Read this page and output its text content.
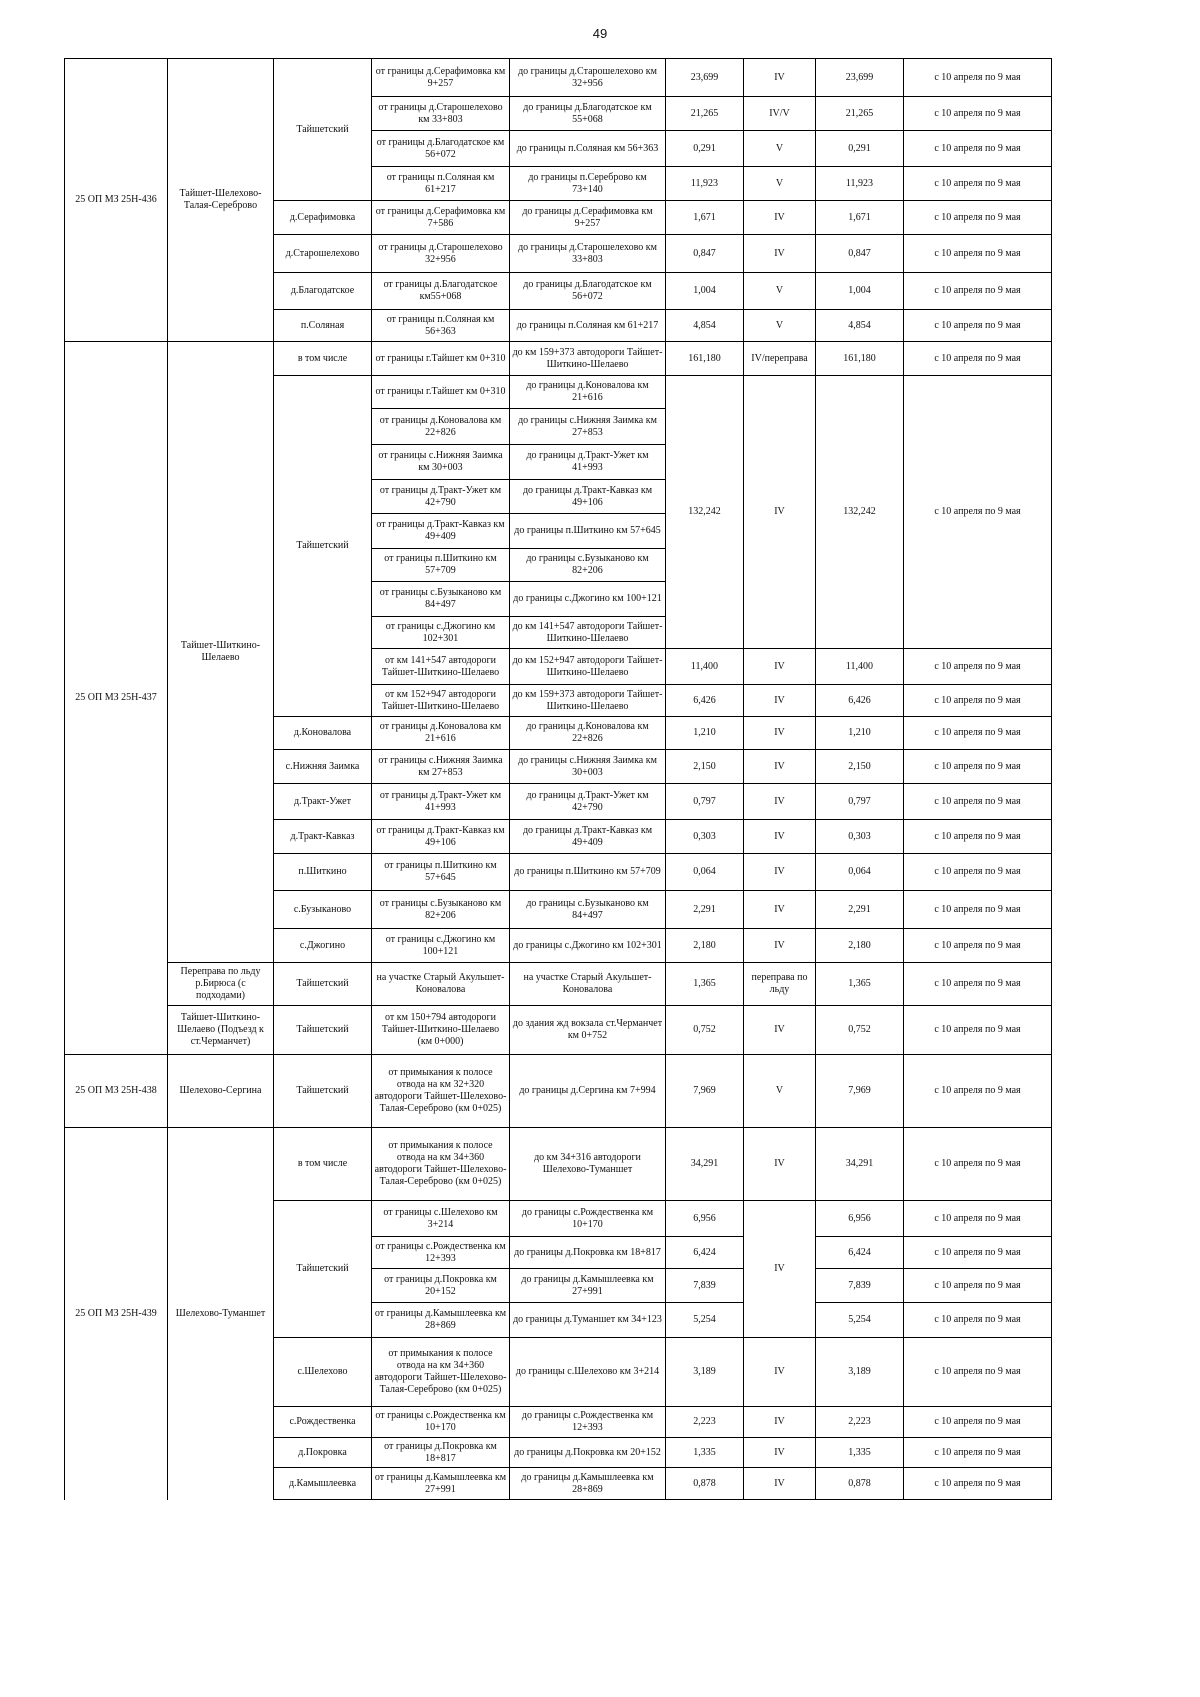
49
25 ОП МЗ 25Н-436	Тайшет-Шелехово-Талая-Сереброво	Тайшетский	от границы д.Серафимовка км 9+257	до границы д.Старошелехово км 32+956	23,699	IV	23,699	с 10 апреля по 9 мая
			от границы д.Старошелехово км 33+803	до границы д.Благодатское км 55+068	21,265	IV/V	21,265	с 10 апреля по 9 мая
			от границы д.Благодатское км 56+072	до границы п.Соляная км 56+363	0,291	V	0,291	с 10 апреля по 9 мая
			от границы п.Соляная км 61+217	до границы п.Сереброво км 73+140	11,923	V	11,923	с 10 апреля по 9 мая
		д.Серафимовка	от границы д.Серафимовка км 7+586	до границы д.Серафимовка км 9+257	1,671	IV	1,671	с 10 апреля по 9 мая
		д.Старошелехово	от границы д.Старошелехово 32+956	до границы д.Старошелехово км 33+803	0,847	IV	0,847	с 10 апреля по 9 мая
		д.Благодатское	от границы д.Благодатское км55+068	до границы д.Благодатское км 56+072	1,004	V	1,004	с 10 апреля по 9 мая
		п.Соляная	от границы п.Соляная км 56+363	до границы п.Соляная км 61+217	4,854	V	4,854	с 10 апреля по 9 мая
25 ОП МЗ 25Н-437	Тайшет-Шиткино-Шелаево	в том числе	от границы г.Тайшет км 0+310	до км 159+373 автодороги Тайшет-Шиткино-Шелаево	161,180	IV/переправа	161,180	с 10 апреля по 9 мая
		Тайшетский	от границы г.Тайшет км 0+310	до границы д.Коновалова км 21+616	132,242	IV	132,242	с 10 апреля по 9 мая
			от границы д.Коновалова км 22+826	до границы с.Нижняя Заимка км 27+853				
			от границы с.Нижняя Заимка км 30+003	до границы д.Тракт-Ужет км 41+993				
			от границы д.Тракт-Ужет км 42+790	до границы д.Тракт-Кавказ км 49+106				
			от границы д.Тракт-Кавказ км 49+409	до границы п.Шиткино км 57+645				
			от границы п.Шиткино км 57+709	до границы с.Бузыканово км 82+206				
			от границы с.Бузыканово км 84+497	до границы с.Джогино км 100+121				
			от границы с.Джогино км 102+301	до км 141+547 автодороги Тайшет-Шиткино-Шелаево				
			от км 141+547 автодороги Тайшет-Шиткино-Шелаево	до км 152+947 автодороги Тайшет-Шиткино-Шелаево	11,400	IV	11,400	с 10 апреля по 9 мая
			от км 152+947 автодороги Тайшет-Шиткино-Шелаево	до км 159+373 автодороги Тайшет-Шиткино-Шелаево	6,426	IV	6,426	с 10 апреля по 9 мая
		д.Коновалова	от границы д.Коновалова км 21+616	до границы д.Коновалова км 22+826	1,210	IV	1,210	с 10 апреля по 9 мая
		с.Нижняя Заимка	от границы с.Нижняя Заимка км 27+853	до границы с.Нижняя Заимка км 30+003	2,150	IV	2,150	с 10 апреля по 9 мая
		д.Тракт-Ужет	от границы д.Тракт-Ужет км 41+993	до границы д.Тракт-Ужет км 42+790	0,797	IV	0,797	с 10 апреля по 9 мая
		д.Тракт-Кавказ	от границы д.Тракт-Кавказ км 49+106	до границы д.Тракт-Кавказ км 49+409	0,303	IV	0,303	с 10 апреля по 9 мая
		п.Шиткино	от границы п.Шиткино км 57+645	до границы п.Шиткино км 57+709	0,064	IV	0,064	с 10 апреля по 9 мая
		с.Бузыканово	от границы с.Бузыканово км 82+206	до границы с.Бузыканово км 84+497	2,291	IV	2,291	с 10 апреля по 9 мая
		с.Джогино	от границы с.Джогино км 100+121	до границы с.Джогино км 102+301	2,180	IV	2,180	с 10 апреля по 9 мая
	Переправа по льду р.Бирюса (с подходами)	Тайшетский	на участке Старый Акульшет-Коновалова	на участке Старый Акульшет-Коновалова	1,365	переправа по льду	1,365	с 10 апреля по 9 мая
	Тайшет-Шиткино-Шелаево (Подъезд к ст.Черманчет)	Тайшетский	от км 150+794 автодороги Тайшет-Шиткино-Шелаево (км 0+000)	до здания жд вокзала ст.Черманчет км 0+752	0,752	IV	0,752	с 10 апреля по 9 мая
25 ОП МЗ 25Н-438	Шелехово-Сергина	Тайшетский	от примыкания к полосе отвода на км 32+320 автодороги Тайшет-Шелехово-Талая-Сереброво (км 0+025)	до границы д.Сергина км 7+994	7,969	V	7,969	с 10 апреля по 9 мая
25 ОП МЗ 25Н-439	Шелехово-Туманшет	в том числе	от примыкания к полосе отвода на км 34+360 автодороги Тайшет-Шелехово-Талая-Сереброво (км 0+025)	до км 34+316 автодороги Шелехово-Туманшет	34,291	IV	34,291	с 10 апреля по 9 мая
		Тайшетский	от границы с.Шелехово км 3+214	до границы с.Рождественка км 10+170	6,956	IV	6,956	с 10 апреля по 9 мая
			от границы с.Рождественка км 12+393	до границы д.Покровка км 18+817	6,424		6,424	с 10 апреля по 9 мая
			от границы д.Покровка км 20+152	до границы д.Камышлеевка км 27+991	7,839		7,839	с 10 апреля по 9 мая
			от границы д.Камышлеевка км 28+869	до границы д.Туманшет км 34+123	5,254		5,254	с 10 апреля по 9 мая
		с.Шелехово	от примыкания к полосе отвода на км 34+360 автодороги Тайшет-Шелехово-Талая-Сереброво (км 0+025)	до границы с.Шелехово км 3+214	3,189	IV	3,189	с 10 апреля по 9 мая
		с.Рождественка	от границы с.Рождественка км 10+170	до границы с.Рождественка км 12+393	2,223	IV	2,223	с 10 апреля по 9 мая
		д.Покровка	от границы д.Покровка км 18+817	до границы д.Покровка км 20+152	1,335	IV	1,335	с 10 апреля по 9 мая
		д.Камышлеевка	от границы д.Камышлеевка км 27+991	до границы д.Камышлеевка км 28+869	0,878	IV	0,878	с 10 апреля по 9 мая
